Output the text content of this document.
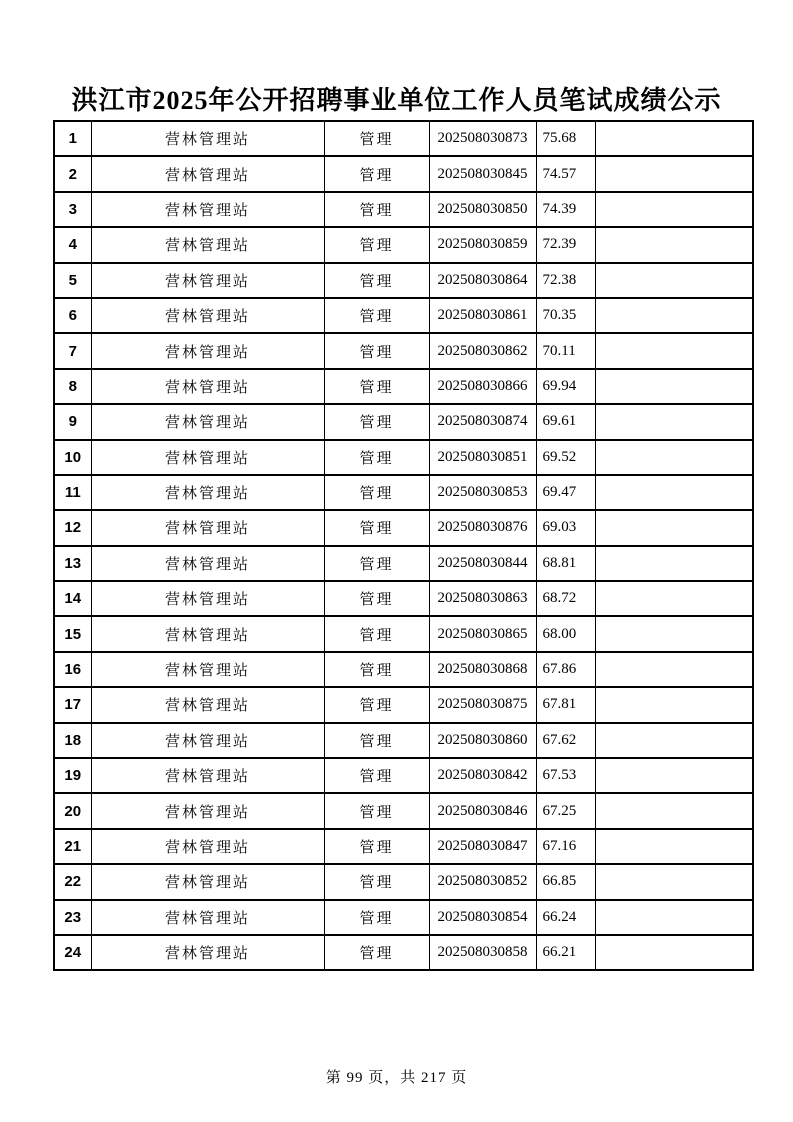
洪江市2025年公开招聘事业单位工作人员笔试成绩公示
1	营林管理站	管理	202508030873	75.68	
2	营林管理站	管理	202508030845	74.57	
3	营林管理站	管理	202508030850	74.39	
4	营林管理站	管理	202508030859	72.39	
5	营林管理站	管理	202508030864	72.38	
6	营林管理站	管理	202508030861	70.35	
7	营林管理站	管理	202508030862	70.11	
8	营林管理站	管理	202508030866	69.94	
9	营林管理站	管理	202508030874	69.61	
10	营林管理站	管理	202508030851	69.52	
11	营林管理站	管理	202508030853	69.47	
12	营林管理站	管理	202508030876	69.03	
13	营林管理站	管理	202508030844	68.81	
14	营林管理站	管理	202508030863	68.72	
15	营林管理站	管理	202508030865	68.00	
16	营林管理站	管理	202508030868	67.86	
17	营林管理站	管理	202508030875	67.81	
18	营林管理站	管理	202508030860	67.62	
19	营林管理站	管理	202508030842	67.53	
20	营林管理站	管理	202508030846	67.25	
21	营林管理站	管理	202508030847	67.16	
22	营林管理站	管理	202508030852	66.85	
23	营林管理站	管理	202508030854	66.24	
24	营林管理站	管理	202508030858	66.21	
第 99 页，共 217 页
